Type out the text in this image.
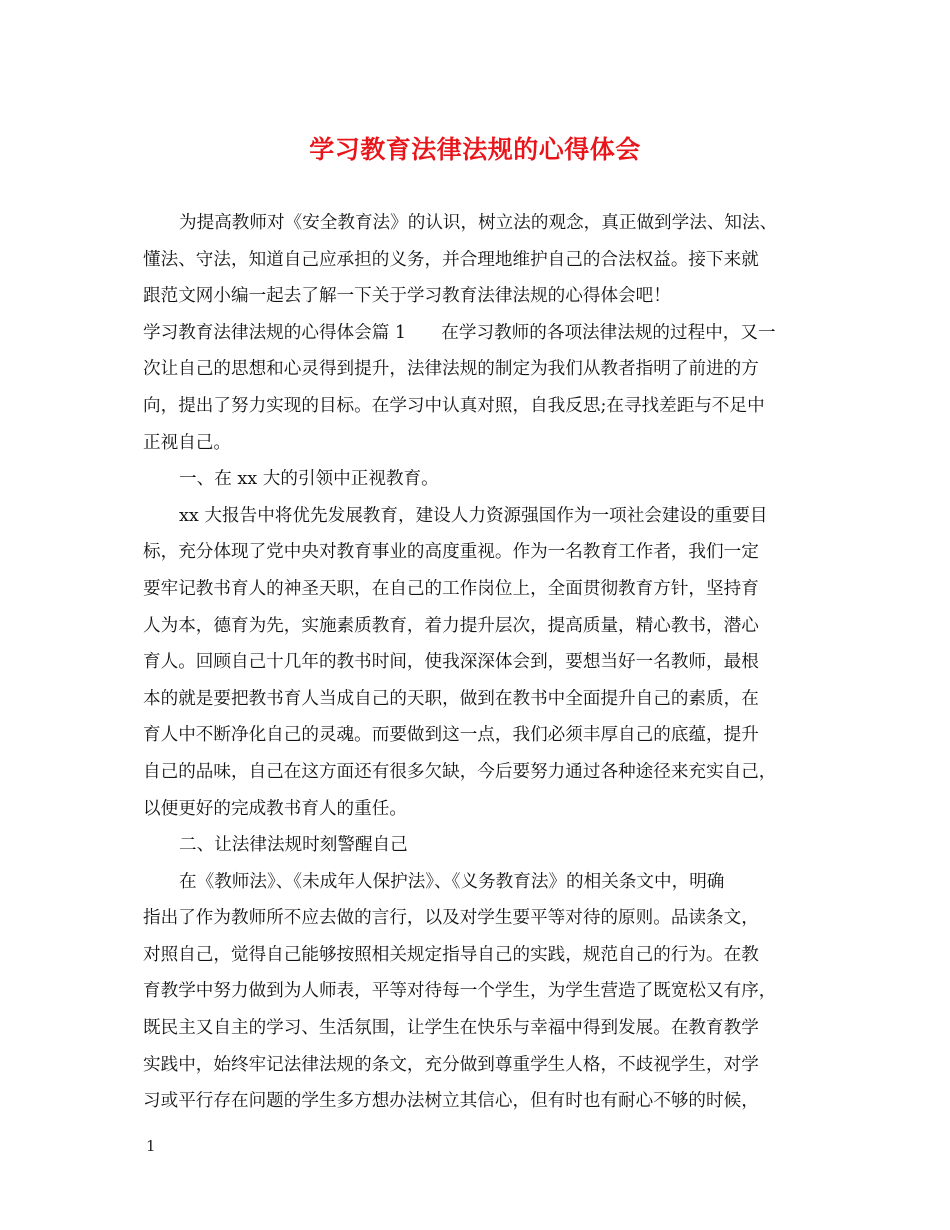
学习教育法律法规的心得体会
为提高教师对《安全教育法》的认识，树立法的观念，真正做到学法、知法、
懂法、守法，知道自己应承担的义务，并合理地维护自己的合法权益。接下来就
跟范文网小编一起去了解一下关于学习教育法律法规的心得体会吧！
学习教育法律法规的心得体会篇 1　　在学习教师的各项法律法规的过程中，又一
次让自己的思想和心灵得到提升，法律法规的制定为我们从教者指明了前进的方
向，提出了努力实现的目标。在学习中认真对照，自我反思;在寻找差距与不足中
正视自己。
一、在 xx 大的引领中正视教育。
xx 大报告中将优先发展教育，建设人力资源强国作为一项社会建设的重要目
标，充分体现了党中央对教育事业的高度重视。作为一名教育工作者，我们一定
要牢记教书育人的神圣天职，在自己的工作岗位上，全面贯彻教育方针，坚持育
人为本，德育为先，实施素质教育，着力提升层次，提高质量，精心教书，潜心
育人。回顾自己十几年的教书时间，使我深深体会到，要想当好一名教师，最根
本的就是要把教书育人当成自己的天职，做到在教书中全面提升自己的素质，在
育人中不断净化自己的灵魂。而要做到这一点，我们必须丰厚自己的底蕴，提升
自己的品味，自己在这方面还有很多欠缺，今后要努力通过各种途径来充实自己，
以便更好的完成教书育人的重任。
二、让法律法规时刻警醒自己
在《教师法》、《未成年人保护法》、《义务教育法》的相关条文中，明确
指出了作为教师所不应去做的言行，以及对学生要平等对待的原则。品读条文，
对照自己，觉得自己能够按照相关规定指导自己的实践，规范自己的行为。在教
育教学中努力做到为人师表，平等对待每一个学生，为学生营造了既宽松又有序，
既民主又自主的学习、生活氛围，让学生在快乐与幸福中得到发展。在教育教学
实践中，始终牢记法律法规的条文，充分做到尊重学生人格，不歧视学生，对学
习或平行存在问题的学生多方想办法树立其信心，但有时也有耐心不够的时候，
1
